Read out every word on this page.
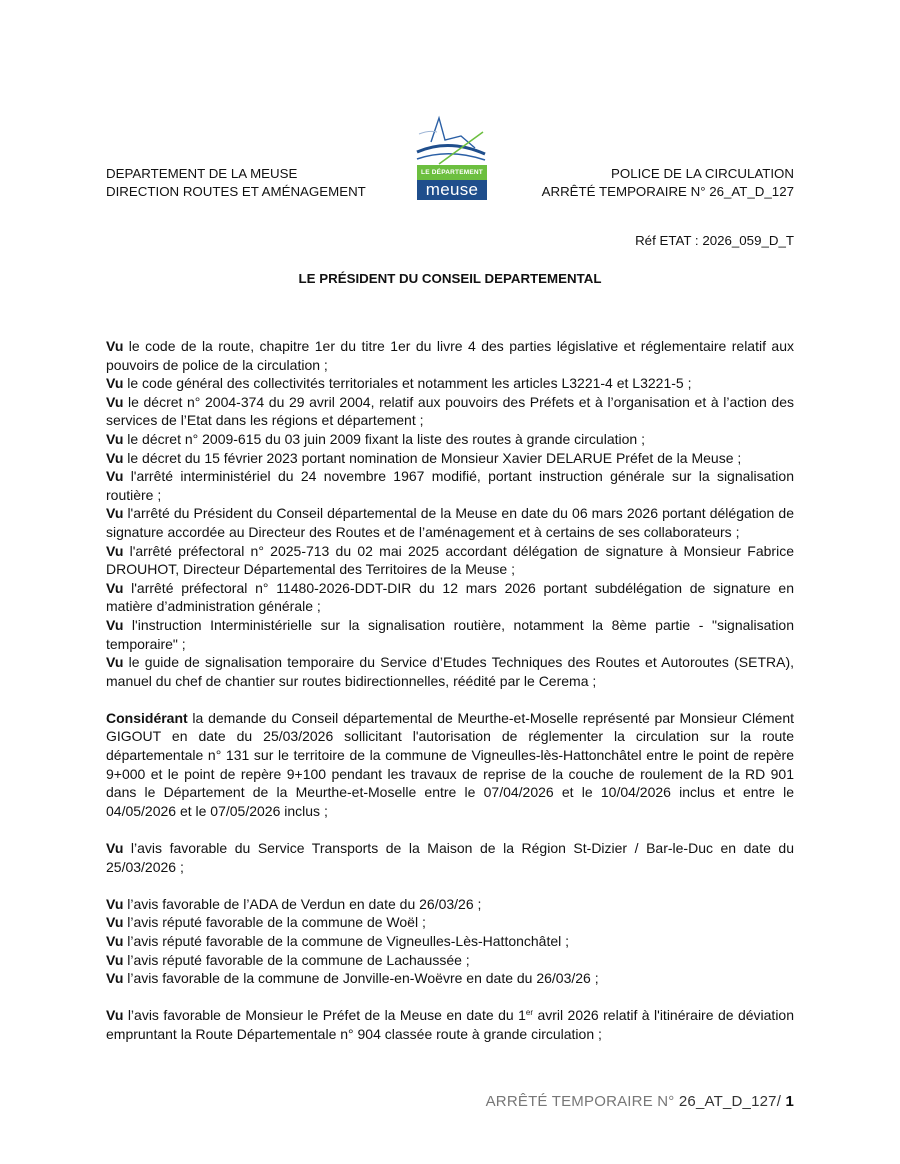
DEPARTEMENT DE LA MEUSE
DIRECTION ROUTES ET AMÉNAGEMENT
LE DÉPARTEMENT
meuse
POLICE DE LA CIRCULATION
ARRÊTÉ TEMPORAIRE N° 26_AT_D_127
Réf ETAT : 2026_059_D_T
LE PRÉSIDENT DU CONSEIL DEPARTEMENTAL

Vu le code de la route, chapitre 1er du titre 1er du livre 4 des parties législative et réglementaire relatif aux pouvoirs de police de la circulation ;

Vu le code général des collectivités territoriales et notamment les articles L3221-4 et L3221-5 ;

Vu le décret n° 2004-374 du 29 avril 2004, relatif aux pouvoirs des Préfets et à l’organisation et à l’action des services de l’Etat dans les régions et département ;

Vu le décret n° 2009-615 du 03 juin 2009 fixant la liste des routes à grande circulation ;

Vu le décret du 15 février 2023 portant nomination de Monsieur Xavier DELARUE Préfet de la Meuse ;

Vu l'arrêté interministériel du 24 novembre 1967 modifié, portant instruction générale sur la signalisation routière ;

Vu l'arrêté du Président du Conseil départemental de la Meuse en date du 06 mars 2026 portant délégation de signature accordée au Directeur des Routes et de l’aménagement et à certains de ses collaborateurs ;

Vu l'arrêté préfectoral n° 2025-713 du 02 mai 2025 accordant délégation de signature à Monsieur Fabrice DROUHOT, Directeur Départemental des Territoires de la Meuse ;

Vu l'arrêté préfectoral n° 11480-2026-DDT-DIR du 12 mars 2026 portant subdélégation de signature en matière d’administration générale ;

Vu l'instruction Interministérielle sur la signalisation routière, notamment la 8ème partie - "signalisation temporaire" ;

Vu le guide de signalisation temporaire du Service d’Etudes Techniques des Routes et Autoroutes (SETRA), manuel du chef de chantier sur routes bidirectionnelles, réédité par le Cerema ;

Considérant la demande du Conseil départemental de Meurthe-et-Moselle représenté par Monsieur Clément GIGOUT en date du 25/03/2026 sollicitant l'autorisation de réglementer la circulation sur la route départementale n° 131 sur le territoire de la commune de Vigneulles-lès-Hattonchâtel entre le point de repère 9+000 et le point de repère 9+100 pendant les travaux de reprise de la couche de roulement de la RD 901 dans le Département de la Meurthe-et-Moselle entre le 07/04/2026 et le 10/04/2026 inclus et entre le 04/05/2026 et le 07/05/2026 inclus ;

Vu l’avis favorable du Service Transports de la Maison de la Région St-Dizier / Bar-le-Duc en date du 25/03/2026 ;

Vu l’avis favorable de l’ADA de Verdun en date du 26/03/26 ;

Vu l’avis réputé favorable de la commune de Woël ;

Vu l’avis réputé favorable de la commune de Vigneulles-Lès-Hattonchâtel ;

Vu l’avis réputé favorable de la commune de Lachaussée ;

Vu l’avis favorable de la commune de Jonville-en-Woëvre en date du 26/03/26 ;

Vu l’avis favorable de Monsieur le Préfet de la Meuse en date du 1er avril 2026 relatif à l'itinéraire de déviation empruntant la Route Départementale n° 904 classée route à grande circulation ;

ARRÊTÉ TEMPORAIRE N° 26_AT_D_127/ 1
